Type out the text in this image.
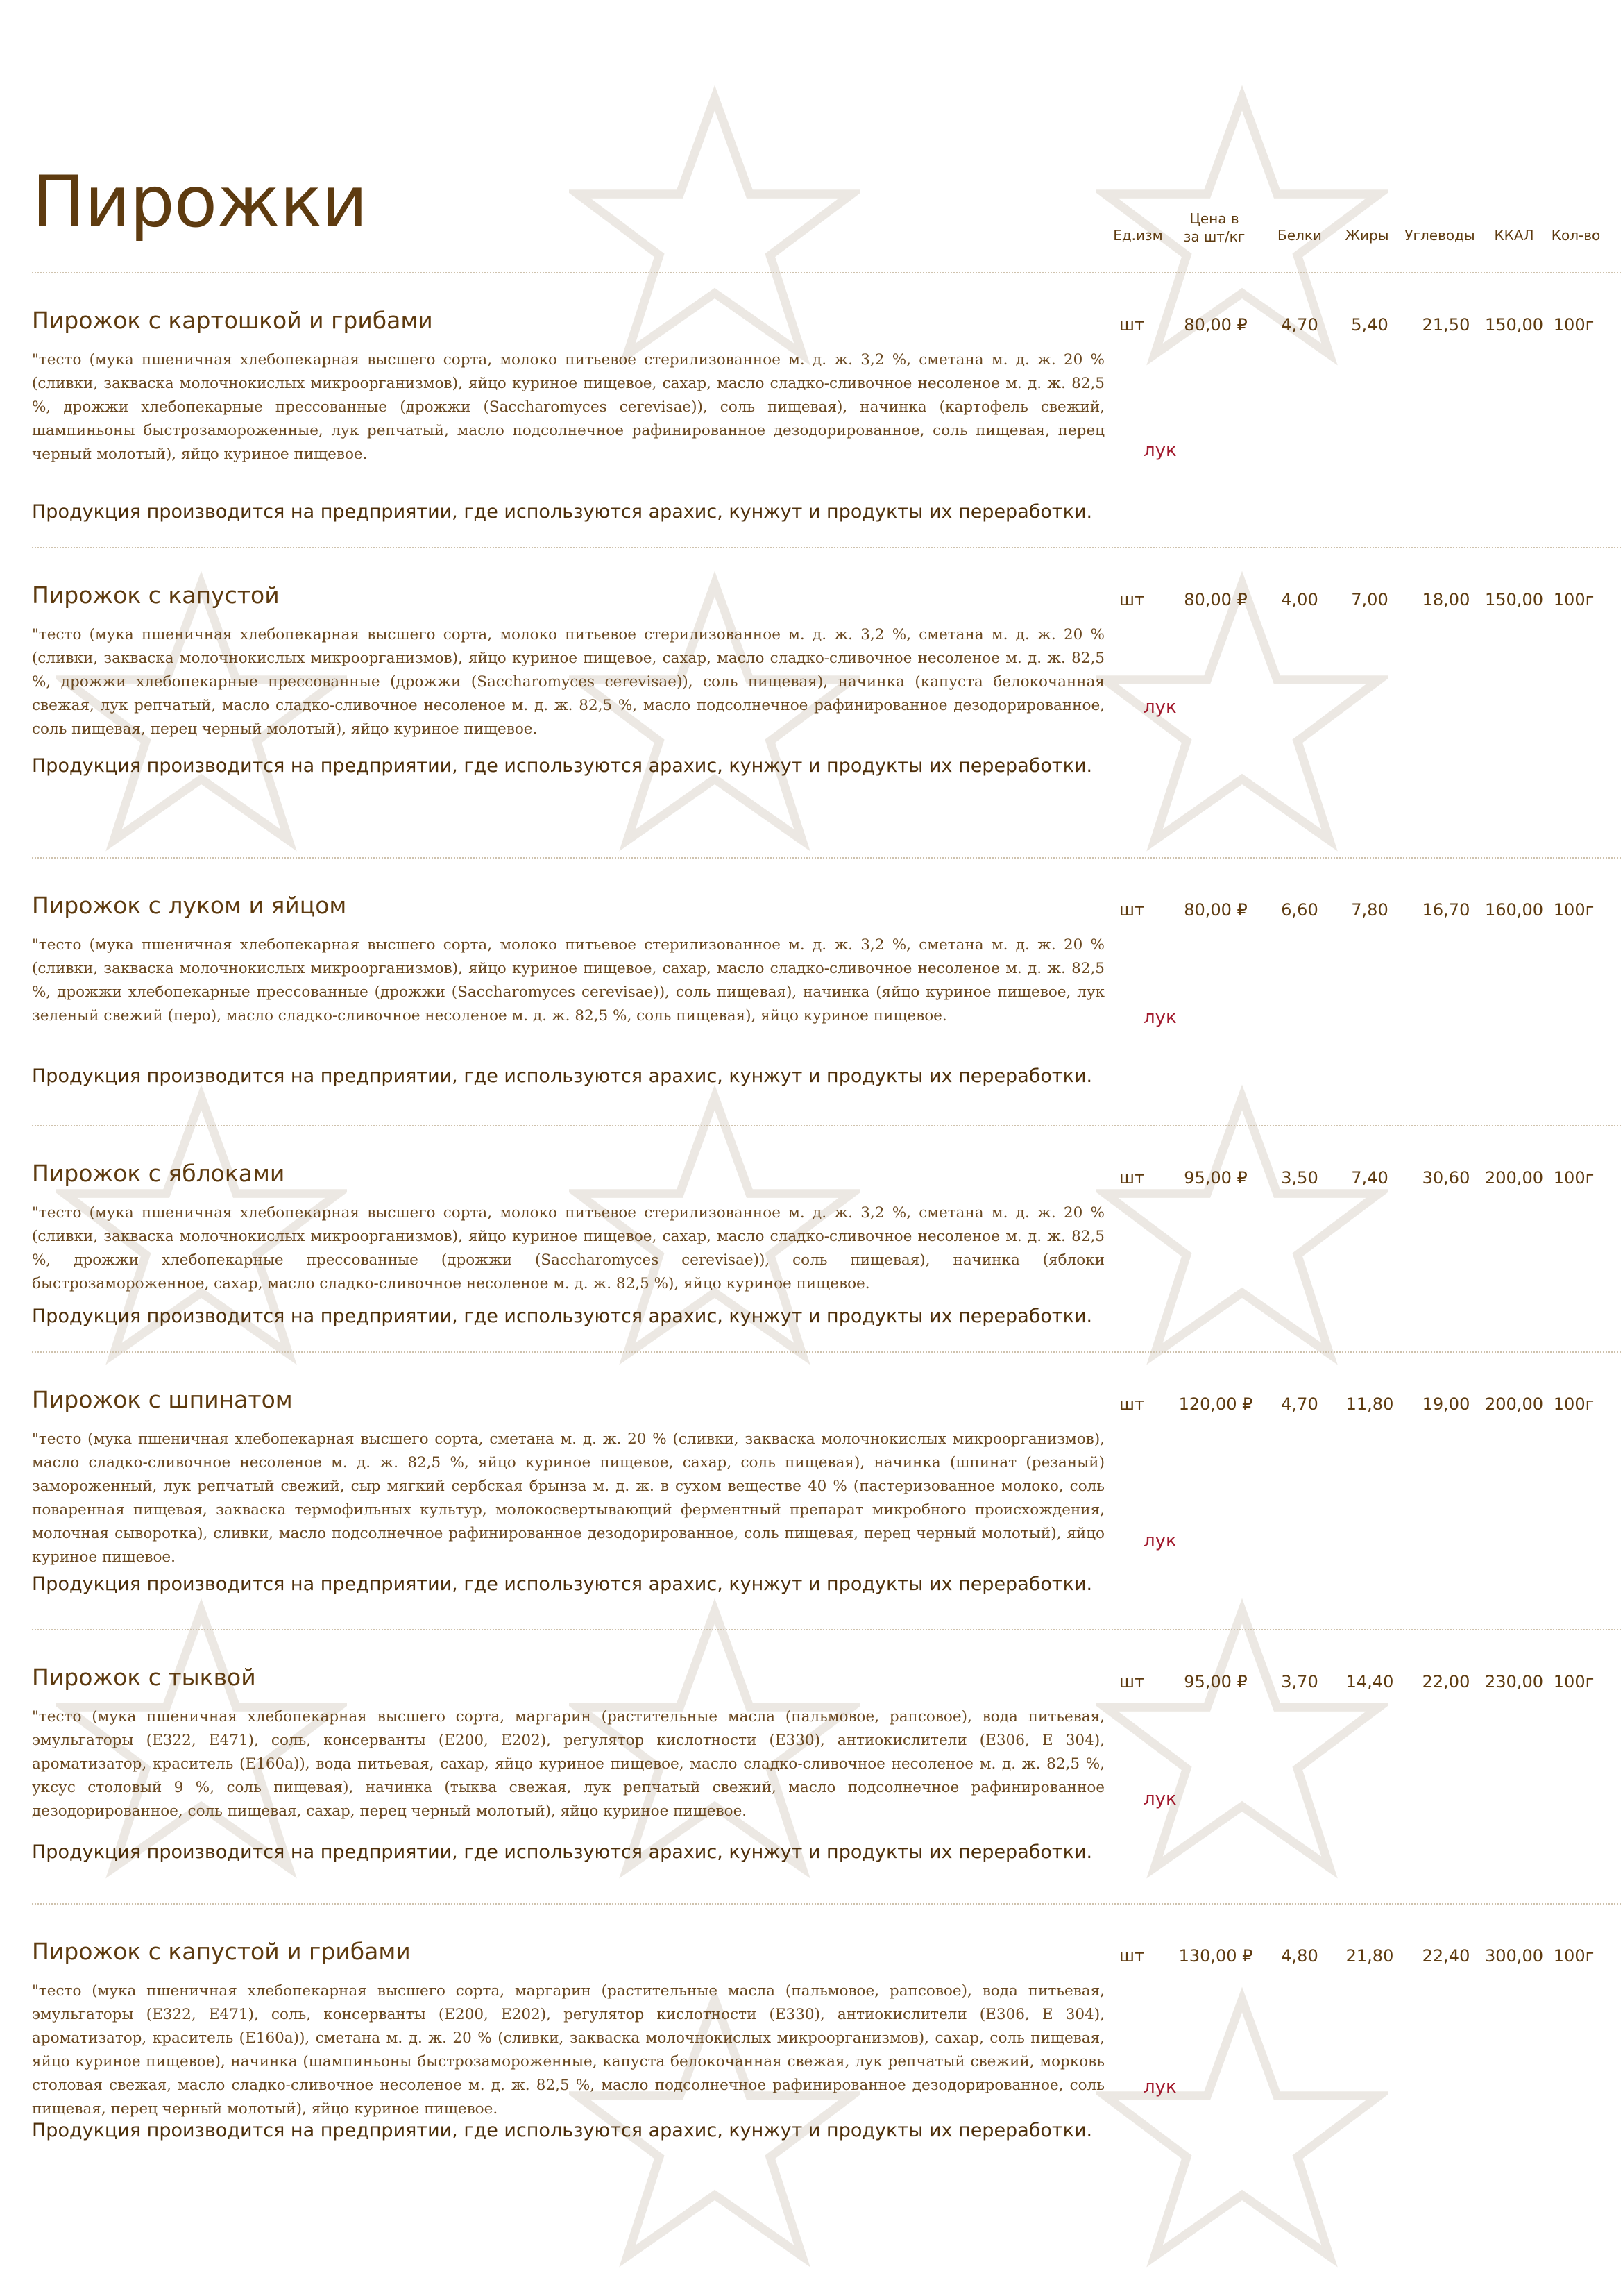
Пирожки	Ед.изм
Цена в
за шт/кг	Белки	Жиры	Углеводы	ККАЛ	Кол-во
Пирожок с картошкой и грибами

"тесто (мука пшеничная хлебопекарная высшего сорта, молоко питьевое стерилизованное м. д. ж. 3,2 %, сметана м. д. ж. 20 % (сливки, закваска молочнокислых микроорганизмов), яйцо куриное пищевое, сахар, масло сладко-сливочное несоленое м. д. ж. 82,5 %, дрожжи хлебопекарные прессованные (дрожжи (Saccharomyces cerevisae)), соль пищевая), начинка (картофель свежий, шампиньоны быстрозамороженные, лук репчатый, масло подсолнечное рафинированное дезодорированное, соль пищевая, перец черный молотый), яйцо куриное пищевое.	лук

Продукция производится на предприятии, где используются арахис, кунжут и продукты их переработки.

шт	80,00 ₽	4,70	5,40	21,50 150,00 100г
Пирожок с капустой

"тесто (мука пшеничная хлебопекарная высшего сорта, молоко питьевое стерилизованное м. д. ж. 3,2 %, сметана м. д. ж. 20 % (сливки, закваска молочнокислых микроорганизмов), яйцо куриное пищевое, сахар, масло сладко-сливочное несоленое м. д. ж. 82,5 %, дрожжи хлебопекарные прессованные (дрожжи (Saccharomyces cerevisae)), соль пищевая), начинка (капуста белокочанная свежая, лук репчатый, масло сладко-сливочное несоленое м. д. ж. 82,5 %, масло подсолнечное рафинированное дезодорированное, соль пищевая, перец черный молотый), яйцо куриное пищевое.

лук

Продукция производится на предприятии, где используются арахис, кунжут и продукты их переработки.

шт	80,00 ₽	4,00	7,00	18,00 150,00 100г
Пирожок с луком и яйцом

"тесто (мука пшеничная хлебопекарная высшего сорта, молоко питьевое стерилизованное м. д. ж. 3,2 %, сметана м. д. ж. 20 % (сливки, закваска молочнокислых микроорганизмов), яйцо куриное пищевое, сахар, масло сладко-сливочное несоленое м. д. ж. 82,5 %, дрожжи хлебопекарные прессованные (дрожжи (Saccharomyces cerevisae)), соль пищевая), начинка (яйцо куриное пищевое, лук зеленый свежий (перо), масло сладко-сливочное несоленое м. д. ж. 82,5 %, соль пищевая), яйцо куриное пищевое.	лук

Продукция производится на предприятии, где используются арахис, кунжут и продукты их переработки.

шт	80,00 ₽	6,60	7,80	16,70 160,00 100г
Пирожок с яблоками

"тесто (мука пшеничная хлебопекарная высшего сорта, молоко питьевое стерилизованное м. д. ж. 3,2 %, сметана м. д. ж. 20 % (сливки, закваска молочнокислых микроорганизмов), яйцо куриное пищевое, сахар, масло сладко-сливочное несоленое м. д. ж. 82,5 %, дрожжи хлебопекарные прессованные (дрожжи (Saccharomyces cerevisae)), соль пищевая), начинка (яблоки быстрозамороженное, сахар, масло сладко-сливочное несоленое м. д. ж. 82,5 %), яйцо куриное пищевое.

Продукция производится на предприятии, где используются арахис, кунжут и продукты их переработки.

шт	95,00 ₽	3,50	7,40	30,60 200,00 100г
Пирожок с шпинатом

"тесто (мука пшеничная хлебопекарная высшего сорта, сметана м. д. ж. 20 % (сливки, закваска молочнокислых микроорганизмов), масло сладко-сливочное несоленое м. д. ж. 82,5 %, яйцо куриное пищевое, сахар, соль пищевая), начинка (шпинат (резаный) замороженный, лук репчатый свежий, сыр мягкий сербская брынза м. д. ж. в сухом веществе 40 % (пастеризованное молоко, соль поваренная пищевая, закваска термофильных культур, молокосвертывающий ферментный препарат микробного происхождения, молочная сыворотка), сливки, масло подсолнечное рафинированное дезодорированное, соль пищевая, перец черный молотый), яйцо куриное пищевое.

лук

Продукция производится на предприятии, где используются арахис, кунжут и продукты их переработки.

шт	120,00 ₽	4,70	11,80	19,00 200,00 100г
Пирожок с тыквой

"тесто (мука пшеничная хлебопекарная высшего сорта, маргарин (растительные масла (пальмовое, рапсовое), вода питьевая, эмульгаторы (Е322, Е471), соль, консерванты (Е200, Е202), регулятор кислотности (Е330), антиокислители (Е306, Е 304), ароматизатор, краситель (Е160а)), вода питьевая, сахар, яйцо куриное пищевое, масло сладко-сливочное несоленое м. д. ж. 82,5 %, уксус столовый 9 %, соль пищевая), начинка (тыква свежая, лук репчатый свежий, масло подсолнечное рафинированное дезодорированное, соль пищевая, сахар, перец черный молотый), яйцо куриное пищевое.

лук

Продукция производится на предприятии, где используются арахис, кунжут и продукты их переработки.

шт	95,00 ₽	3,70	14,40	22,00 230,00 100г
Пирожок с капустой и грибами

"тесто (мука пшеничная хлебопекарная высшего сорта, маргарин (растительные масла (пальмовое, рапсовое), вода питьевая, эмульгаторы (Е322, Е471), соль, консерванты (Е200, Е202), регулятор кислотности (Е330), антиокислители (Е306, Е 304), ароматизатор, краситель (Е160а)), сметана м. д. ж. 20 % (сливки, закваска молочнокислых микроорганизмов), сахар, соль пищевая, яйцо куриное пищевое), начинка (шампиньоны быстрозамороженные, капуста белокочанная свежая, лук репчатый свежий, морковь столовая свежая, масло сладко-сливочное несоленое м. д. ж. 82,5 %, масло подсолнечное рафинированное дезодорированное, соль пищевая, перец черный молотый), яйцо куриное пищевое.

лук

Продукция производится на предприятии, где используются арахис, кунжут и продукты их переработки.

шт	130,00 ₽	4,80	21,80	22,40 300,00 100г
